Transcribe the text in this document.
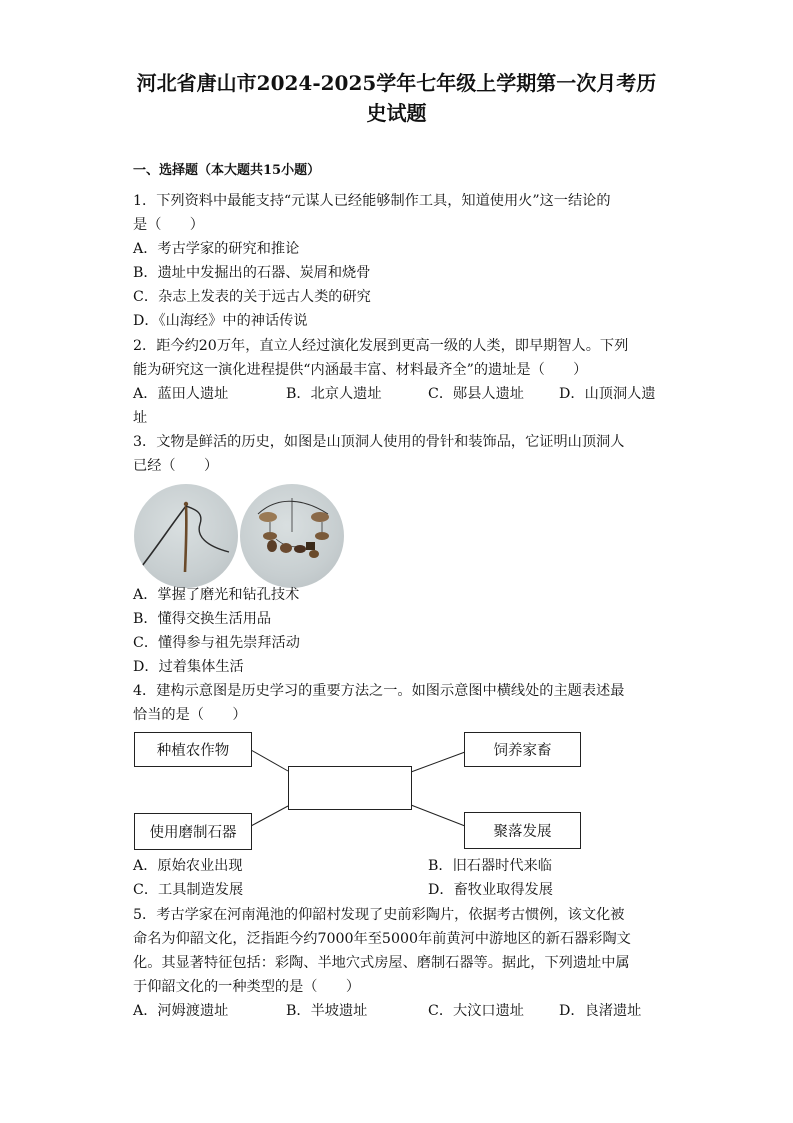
河北省唐山市2024-2025学年七年级上学期第一次月考历
史试题
一、选择题（本大题共15小题）
1．下列资料中最能支持“元谋人已经能够制作工具，知道使用火”这一结论的
是（　　）
A．考古学家的研究和推论
B．遗址中发掘出的石器、炭屑和烧骨
C．杂志上发表的关于远古人类的研究
D．《山海经》中的神话传说
2．距今约20万年，直立人经过演化发展到更高一级的人类，即早期智人。下列
能为研究这一演化进程提供“内涵最丰富、材料最齐全”的遗址是（　　）
A．蓝田人遗址	B．北京人遗址	C．郧县人遗址 D．山顶洞人遗
址
3．文物是鲜活的历史，如图是山顶洞人使用的骨针和装饰品，它证明山顶洞人
已经（　　）
A．掌握了磨光和钻孔技术
B．懂得交换生活用品
C．懂得参与祖先崇拜活动
D．过着集体生活
4．建构示意图是历史学习的重要方法之一。如图示意图中横线处的主题表述最
恰当的是（　　）
种植农作物	饲养家畜
使用磨制石器	聚落发展
A．原始农业出现	B．旧石器时代来临
C．工具制造发展	D．畜牧业取得发展
5．考古学家在河南渑池的仰韶村发现了史前彩陶片，依据考古惯例，该文化被
命名为仰韶文化，泛指距今约7000年至5000年前黄河中游地区的新石器彩陶文
化。其显著特征包括：彩陶、半地穴式房屋、磨制石器等。据此，下列遗址中属
于仰韶文化的一种类型的是（　　）
A．河姆渡遗址	B．半坡遗址	C．大汶口遗址 D．良渚遗址
